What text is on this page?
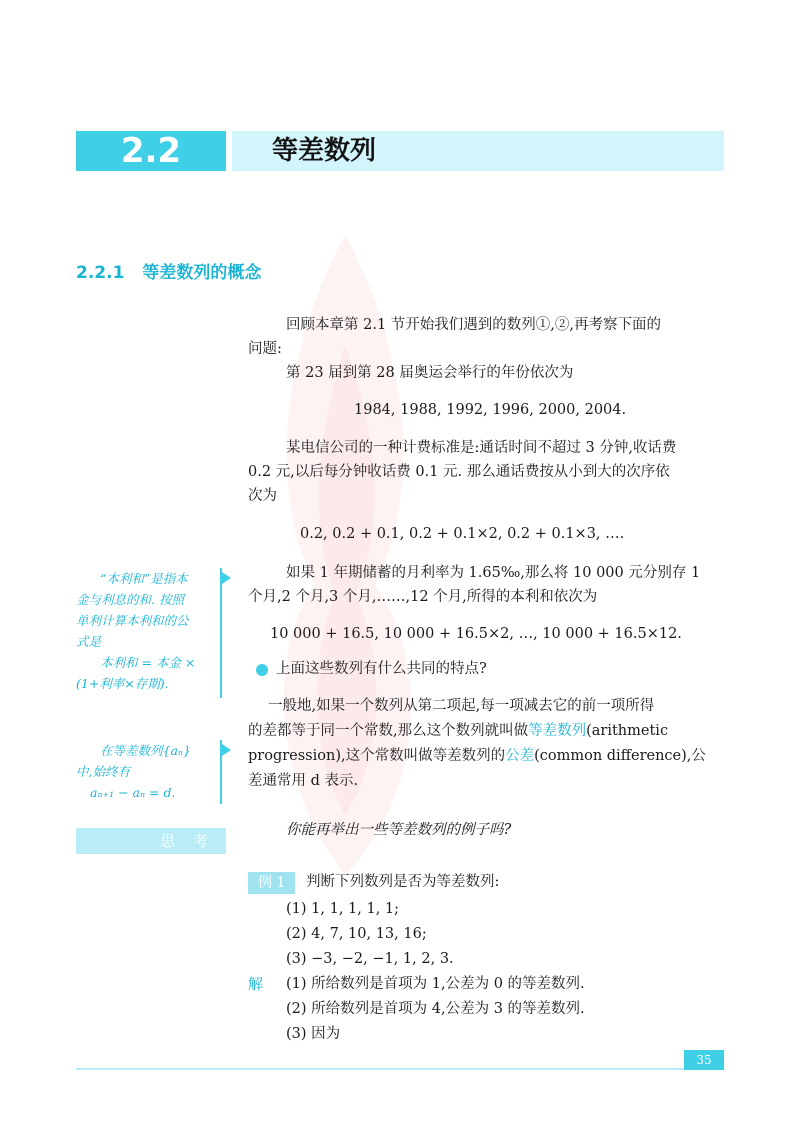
2.2	等差数列
2.2.1 等差数列的概念
回顾本章第 2.1 节开始我们遇到的数列①,②,再考察下面的
问题:
第 23 届到第 28 届奥运会举行的年份依次为
1984, 1988, 1992, 1996, 2000, 2004.
某电信公司的一种计费标准是:通话时间不超过 3 分钟,收话费
0.2 元,以后每分钟收话费 0.1 元. 那么通话费按从小到大的次序依
次为
0.2, 0.2 + 0.1, 0.2 + 0.1×2, 0.2 + 0.1×3, ….
如果 1 年期储蓄的月利率为 1.65‰,那么将 10 000 元分别存 1
个月,2 个月,3 个月,……,12 个月,所得的本利和依次为
10 000 + 16.5, 10 000 + 16.5×2, …, 10 000 + 16.5×12.
上面这些数列有什么共同的特点?
一般地,如果一个数列从第二项起,每一项减去它的前一项所得
的差都等于同一个常数,那么这个数列就叫做等差数列(arithmetic
progression),这个常数叫做等差数列的公差(common difference),公
差通常用 d 表示.
你能再举出一些等差数列的例子吗?
“本利和”是指本
金与利息的和. 按照
单利计算本利和的公
式是
本利和 = 本金 ×
(1+利率×存期).
在等差数列{aₙ}
中,始终有
aₙ₊₁ − aₙ = d.
思考
例 1	判断下列数列是否为等差数列:
(1) 1, 1, 1, 1, 1;
(2) 4, 7, 10, 13, 16;
(3) −3, −2, −1, 1, 2, 3.
解 (1) 所给数列是首项为 1,公差为 0 的等差数列.
(2) 所给数列是首项为 4,公差为 3 的等差数列.
(3) 因为
35
